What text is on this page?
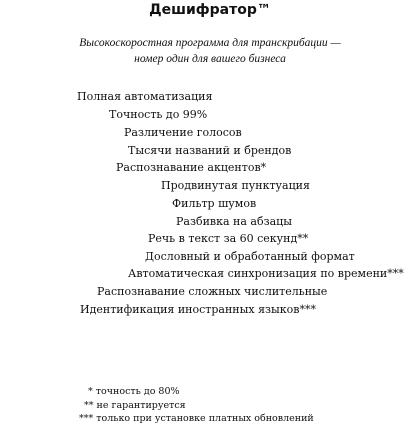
Дешифратор™
Высокоскоростная программа для транскрибации —
номер один для вашего бизнеса
Полная автоматизация
Точность до 99%
Различение голосов
Тысячи названий и брендов
Распознавание акцентов*
Продвинутая пунктуация
Фильтр шумов
Разбивка на абзацы
Речь в текст за 60 секунд**
Дословный и обработанный формат
Автоматическая синхронизация по времени***
Распознавание сложных числительные
Идентификация иностранных языков***
* точность до 80%
** не гарантируется
*** только при установке платных обновлений
